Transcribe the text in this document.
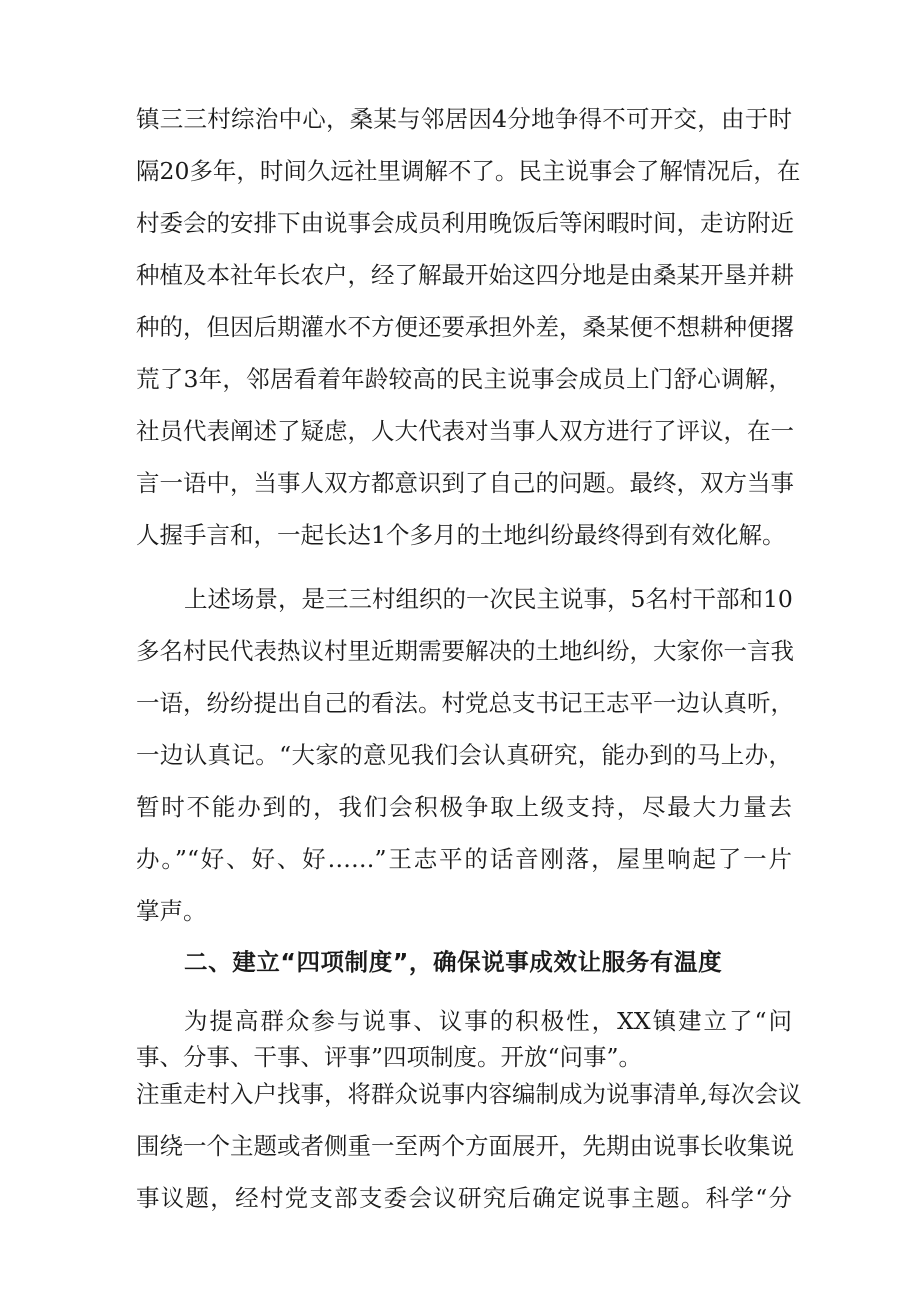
镇三三村综治中心，桑某与邻居因4分地争得不可开交，由于时
隔20多年，时间久远社里调解不了。民主说事会了解情况后，在
村委会的安排下由说事会成员利用晚饭后等闲暇时间，走访附近
种植及本社年长农户，经了解最开始这四分地是由桑某开垦并耕
种的，但因后期灌水不方便还要承担外差，桑某便不想耕种便撂
荒了3年，邻居看着年龄较高的民主说事会成员上门舒心调解，
社员代表阐述了疑虑，人大代表对当事人双方进行了评议，在一
言一语中，当事人双方都意识到了自己的问题。最终，双方当事
人握手言和，一起长达1个多月的土地纠纷最终得到有效化解。
上述场景，是三三村组织的一次民主说事，5名村干部和10
多名村民代表热议村里近期需要解决的土地纠纷，大家你一言我
一语，纷纷提出自己的看法。村党总支书记王志平一边认真听，
一边认真记。“大家的意见我们会认真研究，能办到的马上办，
暂时不能办到的，我们会积极争取上级支持，尽最大力量去
办。”“好、好、好……”王志平的话音刚落，屋里响起了一片
掌声。
二、建立“四项制度”，确保说事成效让服务有温度
为提高群众参与说事、议事的积极性，XX镇建立了“问
事、分事、干事、评事”四项制度。开放“问事”。
注重走村入户找事，将群众说事内容编制成为说事清单,每次会议
围绕一个主题或者侧重一至两个方面展开，先期由说事长收集说
事议题，经村党支部支委会议研究后确定说事主题。科学“分
